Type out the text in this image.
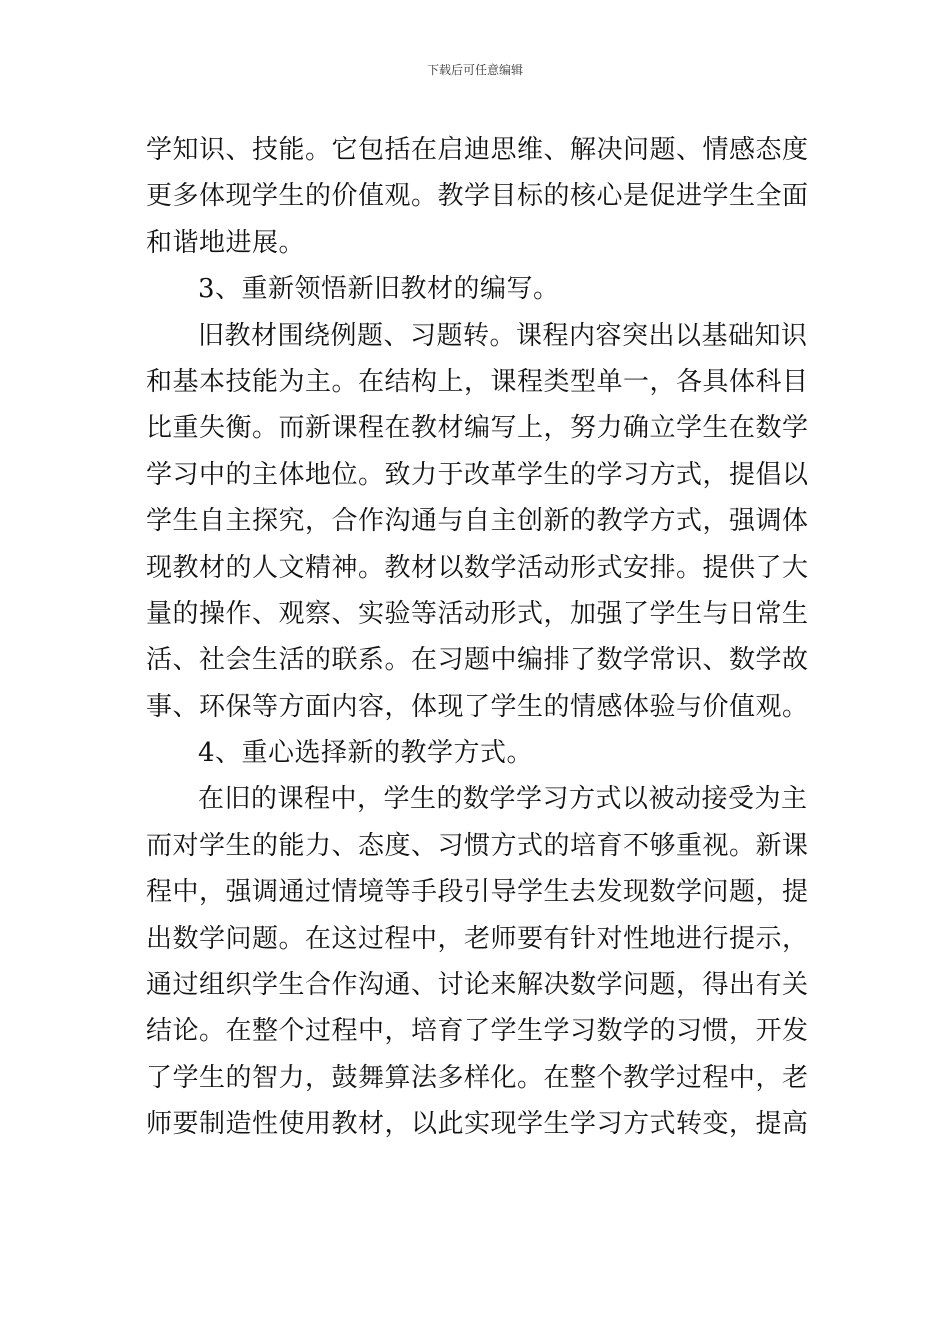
下载后可任意编辑
学知识、技能。它包括在启迪思维、解决问题、情感态度
更多体现学生的价值观。教学目标的核心是促进学生全面
和谐地进展。
3、重新领悟新旧教材的编写。
旧教材围绕例题、习题转。课程内容突出以基础知识
和基本技能为主。在结构上，课程类型单一，各具体科目
比重失衡。而新课程在教材编写上，努力确立学生在数学
学习中的主体地位。致力于改革学生的学习方式，提倡以
学生自主探究，合作沟通与自主创新的教学方式，强调体
现教材的人文精神。教材以数学活动形式安排。提供了大
量的操作、观察、实验等活动形式，加强了学生与日常生
活、社会生活的联系。在习题中编排了数学常识、数学故
事、环保等方面内容，体现了学生的情感体验与价值观。
4、重心选择新的教学方式。
在旧的课程中，学生的数学学习方式以被动接受为主
而对学生的能力、态度、习惯方式的培育不够重视。新课
程中，强调通过情境等手段引导学生去发现数学问题，提
出数学问题。在这过程中，老师要有针对性地进行提示，
通过组织学生合作沟通、讨论来解决数学问题，得出有关
结论。在整个过程中，培育了学生学习数学的习惯，开发
了学生的智力，鼓舞算法多样化。在整个教学过程中，老
师要制造性使用教材，以此实现学生学习方式转变，提高
